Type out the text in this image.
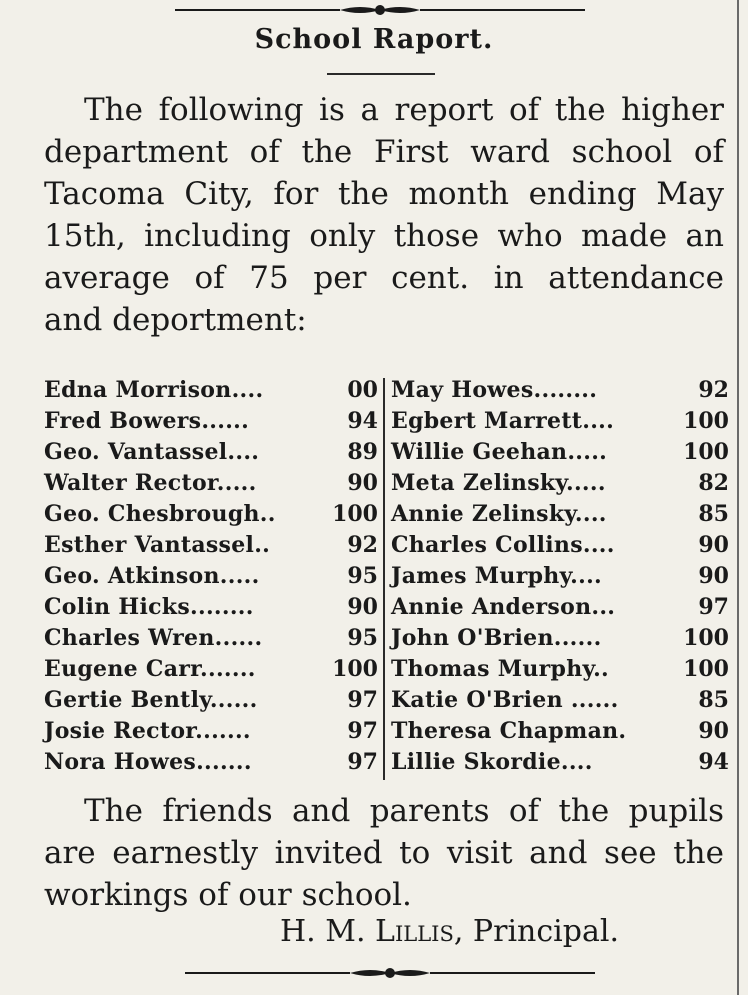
School Raport.
The following is a report of the higher
department of the First ward school of
Tacoma City, for the month ending May
15th, including only those who made an
average of 75 per cent. in attendance
and deportment:
Edna Morrison....	00
Fred Bowers......	94
Geo. Vantassel....	89
Walter Rector.....	90
Geo. Chesbrough..	100
Esther Vantassel..	92
Geo. Atkinson.....	95
Colin Hicks........	90
Charles Wren......	95
Eugene Carr.......	100
Gertie Bently......	97
Josie Rector.......	97
Nora Howes.......	97
May Howes........	92
Egbert Marrett....	100
Willie Geehan.....	100
Meta Zelinsky.....	82
Annie Zelinsky....	85
Charles Collins....	90
James Murphy....	90
Annie Anderson...	97
John O'Brien......	100
Thomas Murphy..	100
Katie O'Brien ......	85
Theresa Chapman.	90
Lillie Skordie....	94
The friends and parents of the pupils
are earnestly invited to visit and see the
workings of our school.
H. M. Lillis, Principal.
